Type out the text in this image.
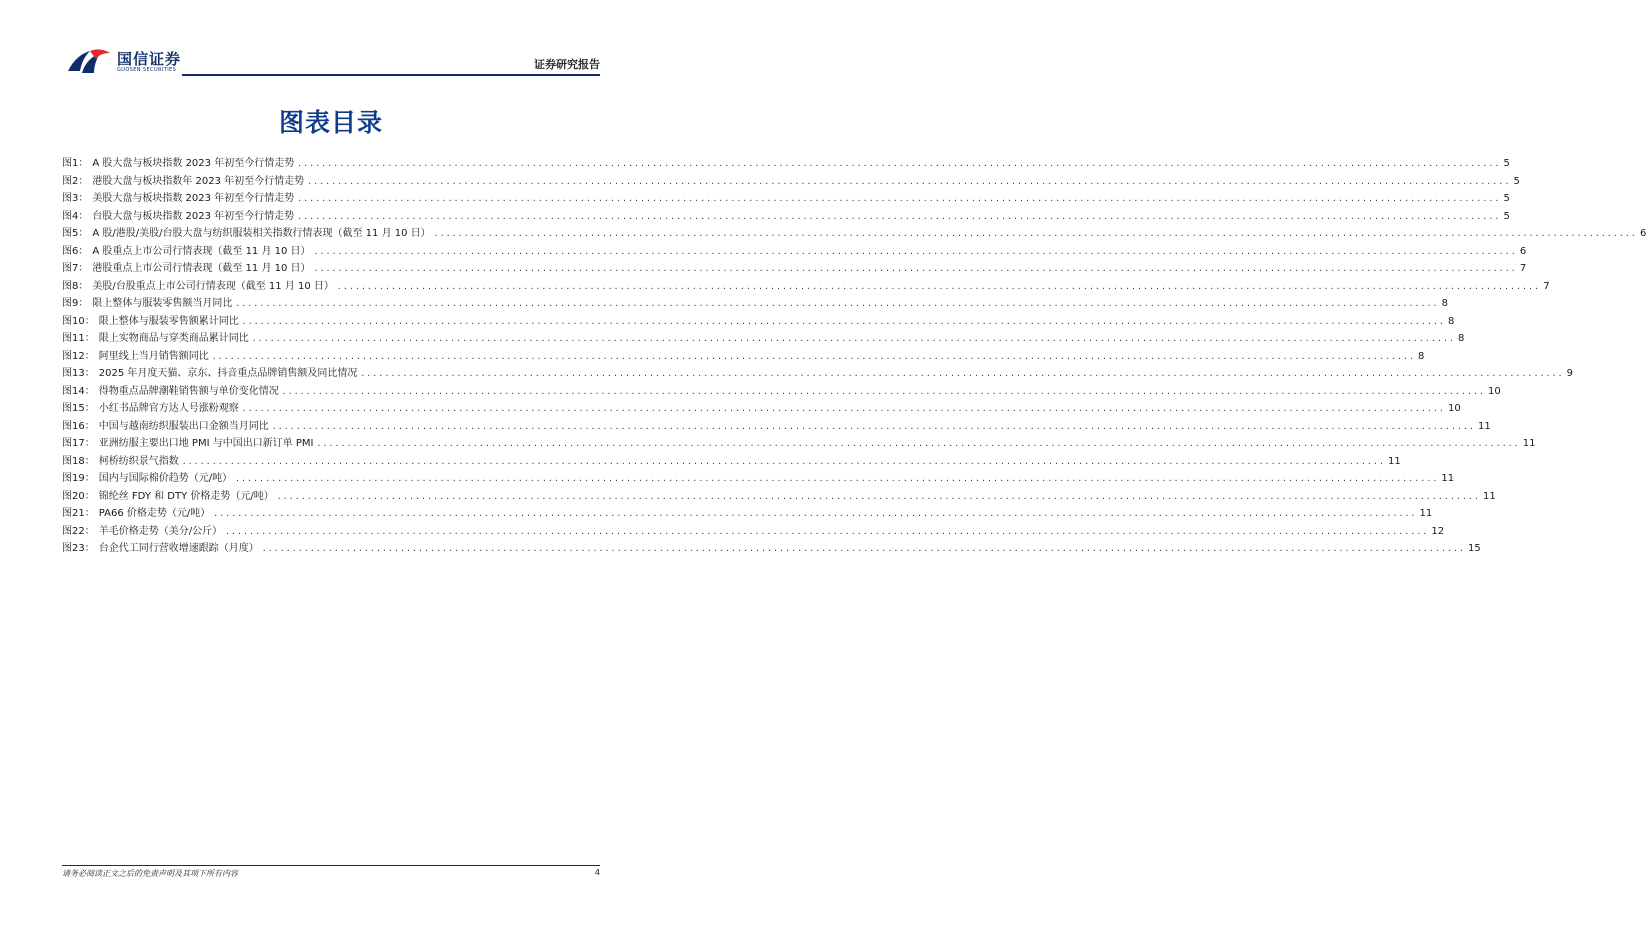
国信证券
GUOSEN SECURITIES	证券研究报告
图表目录
图1： A 股大盘与板块指数 2023 年初至今行情走势 ........................................................................................................................................................................................................ 5
图2： 港股大盘与板块指数年 2023 年初至今行情走势 ........................................................................................................................................................................................................ 5
图3： 美股大盘与板块指数 2023 年初至今行情走势 ........................................................................................................................................................................................................ 5
图4： 台股大盘与板块指数 2023 年初至今行情走势 ........................................................................................................................................................................................................ 5
图5： A 股/港股/美股/台股大盘与纺织服装相关指数行情表现（截至 11 月 10 日） ........................................................................................................................................................................................................ 6
图6： A 股重点上市公司行情表现（截至 11 月 10 日） ........................................................................................................................................................................................................ 6
图7： 港股重点上市公司行情表现（截至 11 月 10 日） ........................................................................................................................................................................................................ 7
图8： 美股/台股重点上市公司行情表现（截至 11 月 10 日） ........................................................................................................................................................................................................ 7
图9： 限上整体与服装零售额当月同比 ........................................................................................................................................................................................................ 8
图10： 限上整体与服装零售额累计同比 ........................................................................................................................................................................................................ 8
图11： 限上实物商品与穿类商品累计同比 ........................................................................................................................................................................................................ 8
图12： 阿里线上当月销售额同比 ........................................................................................................................................................................................................ 8
图13： 2025 年月度天猫、京东、抖音重点品牌销售额及同比情况 ........................................................................................................................................................................................................ 9
图14： 得物重点品牌潮鞋销售额与单价变化情况 ........................................................................................................................................................................................................ 10
图15： 小红书品牌官方达人号涨粉观察 ........................................................................................................................................................................................................ 10
图16： 中国与越南纺织服装出口金额当月同比 ........................................................................................................................................................................................................ 11
图17： 亚洲纺服主要出口地 PMI 与中国出口新订单 PMI ........................................................................................................................................................................................................ 11
图18： 柯桥纺织景气指数 ........................................................................................................................................................................................................ 11
图19： 国内与国际棉价趋势（元/吨） ........................................................................................................................................................................................................ 11
图20： 锦纶丝 FDY 和 DTY 价格走势（元/吨） ........................................................................................................................................................................................................ 11
图21： PA66 价格走势（元/吨） ........................................................................................................................................................................................................ 11
图22： 羊毛价格走势（美分/公斤） ........................................................................................................................................................................................................ 12
图23： 台企代工同行营收增速跟踪（月度） ........................................................................................................................................................................................................ 15
请务必阅读正文之后的免责声明及其项下所有内容	4
